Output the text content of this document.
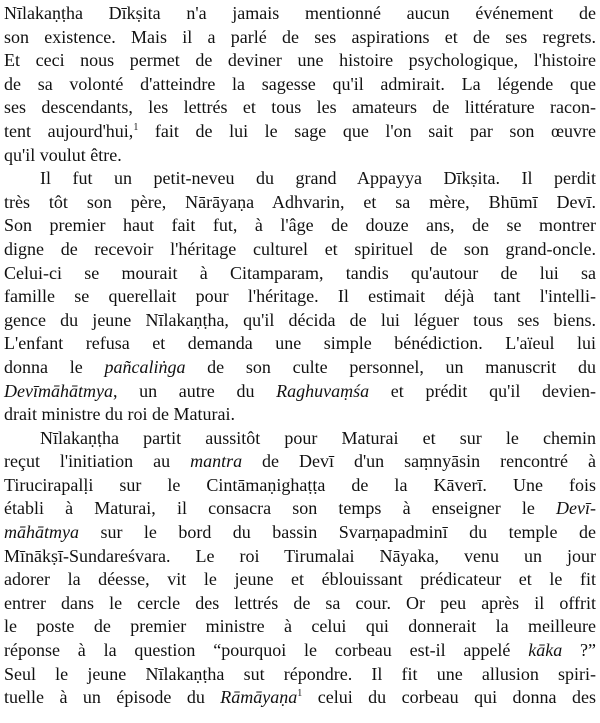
Nīlakaṇṭha Dīkṣita n'a jamais mentionné aucun événement de
son existence. Mais il a parlé de ses aspirations et de ses regrets.
Et ceci nous permet de deviner une histoire psychologique, l'histoire
de sa volonté d'atteindre la sagesse qu'il admirait. La légende que
ses descendants, les lettrés et tous les amateurs de littérature racon-
tent aujourd'hui,$^1$ fait de lui le sage que l'on sait par son œuvre
qu'il voulut être.
Il fut un petit-neveu du grand Appayya Dīkṣita. Il perdit
très tôt son père, Nārāyaṇa Adhvarin, et sa mère, Bhūmī Devī.
Son premier haut fait fut, à l'âge de douze ans, de se montrer
digne de recevoir l'héritage culturel et spirituel de son grand-oncle.
Celui-ci se mourait à Citamparam, tandis qu'autour de lui sa
famille se querellait pour l'héritage. Il estimait déjà tant l'intelli-
gence du jeune Nīlakaṇṭha, qu'il décida de lui léguer tous ses biens.
L'enfant refusa et demanda une simple bénédiction. L'aïeul lui
donna le pañcaliṅga de son culte personnel, un manuscrit du
Devīmāhātmya, un autre du Raghuvaṃśa et prédit qu'il devien-
drait ministre du roi de Maturai.
Nīlakaṇṭha partit aussitôt pour Maturai et sur le chemin
reçut l'initiation au mantra de Devī d'un saṃnyāsin rencontré à
Tirucirapalḷi sur le Cintāmaṇighaṭṭa de la Kāverī. Une fois
établi à Maturai, il consacra son temps à enseigner le Devī-
māhātmya sur le bord du bassin Svarṇapadminī du temple de
Mīnākṣī-Sundareśvara. Le roi Tirumalai Nāyaka, venu un jour
adorer la déesse, vit le jeune et éblouissant prédicateur et le fit
entrer dans le cercle des lettrés de sa cour. Or peu après il offrit
le poste de premier ministre à celui qui donnerait la meilleure
réponse à la question “pourquoi le corbeau est-il appelé kāka ?”
Seul le jeune Nīlakaṇṭha sut répondre. Il fit une allusion spiri-
tuelle à un épisode du Rāmāyaṇa$^1$ celui du corbeau qui donna des
